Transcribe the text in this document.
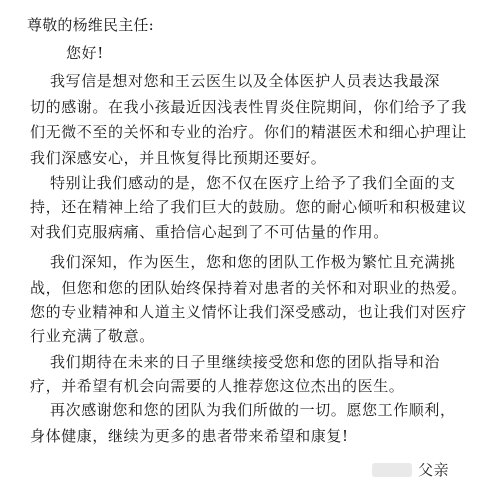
尊敬的杨维民主任:
您好!
我写信是想对您和王云医生以及全体医护人员表达我最深
切的感谢。在我小孩最近因浅表性胃炎住院期间，你们给予了我
们无微不至的关怀和专业的治疗。你们的精湛医术和细心护理让
我们深感安心，并且恢复得比预期还要好。
特别让我们感动的是，您不仅在医疗上给予了我们全面的支
持，还在精神上给了我们巨大的鼓励。您的耐心倾听和积极建议
对我们克服病痛、重拾信心起到了不可估量的作用。
我们深知，作为医生，您和您的团队工作极为繁忙且充满挑
战，但您和您的团队始终保持着对患者的关怀和对职业的热爱。
您的专业精神和人道主义情怀让我们深受感动，也让我们对医疗
行业充满了敬意。
我们期待在未来的日子里继续接受您和您的团队指导和治
疗，并希望有机会向需要的人推荐您这位杰出的医生。
再次感谢您和您的团队为我们所做的一切。愿您工作顺利，
身体健康，继续为更多的患者带来希望和康复!
父亲
